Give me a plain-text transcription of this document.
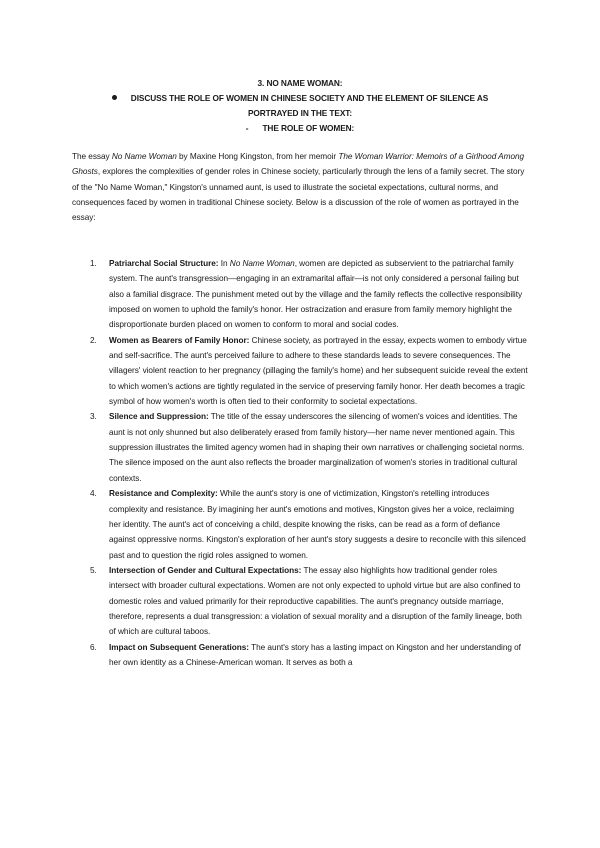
3. NO NAME WOMAN:
DISCUSS THE ROLE OF WOMEN IN CHINESE SOCIETY AND THE ELEMENT OF SILENCE AS
PORTRAYED IN THE TEXT:
- THE ROLE OF WOMEN:

The essay No Name Woman by Maxine Hong Kingston, from her memoir The Woman Warrior: Memoirs of a Girlhood Among Ghosts, explores the complexities of gender roles in Chinese society, particularly through the lens of a family secret. The story of the "No Name Woman," Kingston's unnamed aunt, is used to illustrate the societal expectations, cultural norms, and consequences faced by women in traditional Chinese society. Below is a discussion of the role of women as portrayed in the essay:

1. Patriarchal Social Structure: In No Name Woman, women are depicted as subservient to the patriarchal family system. The aunt's transgression—engaging in an extramarital affair—is not only considered a personal failing but also a familial disgrace. The punishment meted out by the village and the family reflects the collective responsibility imposed on women to uphold the family's honor. Her ostracization and erasure from family memory highlight the disproportionate burden placed on women to conform to moral and social codes.
2. Women as Bearers of Family Honor: Chinese society, as portrayed in the essay, expects women to embody virtue and self-sacrifice. The aunt's perceived failure to adhere to these standards leads to severe consequences. The villagers' violent reaction to her pregnancy (pillaging the family's home) and her subsequent suicide reveal the extent to which women's actions are tightly regulated in the service of preserving family honor. Her death becomes a tragic symbol of how women's worth is often tied to their conformity to societal expectations.
3. Silence and Suppression: The title of the essay underscores the silencing of women's voices and identities. The aunt is not only shunned but also deliberately erased from family history—her name never mentioned again. This suppression illustrates the limited agency women had in shaping their own narratives or challenging societal norms. The silence imposed on the aunt also reflects the broader marginalization of women's stories in traditional cultural contexts.
4. Resistance and Complexity: While the aunt's story is one of victimization, Kingston's retelling introduces complexity and resistance. By imagining her aunt's emotions and motives, Kingston gives her a voice, reclaiming her identity. The aunt's act of conceiving a child, despite knowing the risks, can be read as a form of defiance against oppressive norms. Kingston's exploration of her aunt's story suggests a desire to reconcile with this silenced past and to question the rigid roles assigned to women.
5. Intersection of Gender and Cultural Expectations: The essay also highlights how traditional gender roles intersect with broader cultural expectations. Women are not only expected to uphold virtue but are also confined to domestic roles and valued primarily for their reproductive capabilities. The aunt's pregnancy outside marriage, therefore, represents a dual transgression: a violation of sexual morality and a disruption of the family lineage, both of which are cultural taboos.
6. Impact on Subsequent Generations: The aunt's story has a lasting impact on Kingston and her understanding of her own identity as a Chinese-American woman. It serves as both a
